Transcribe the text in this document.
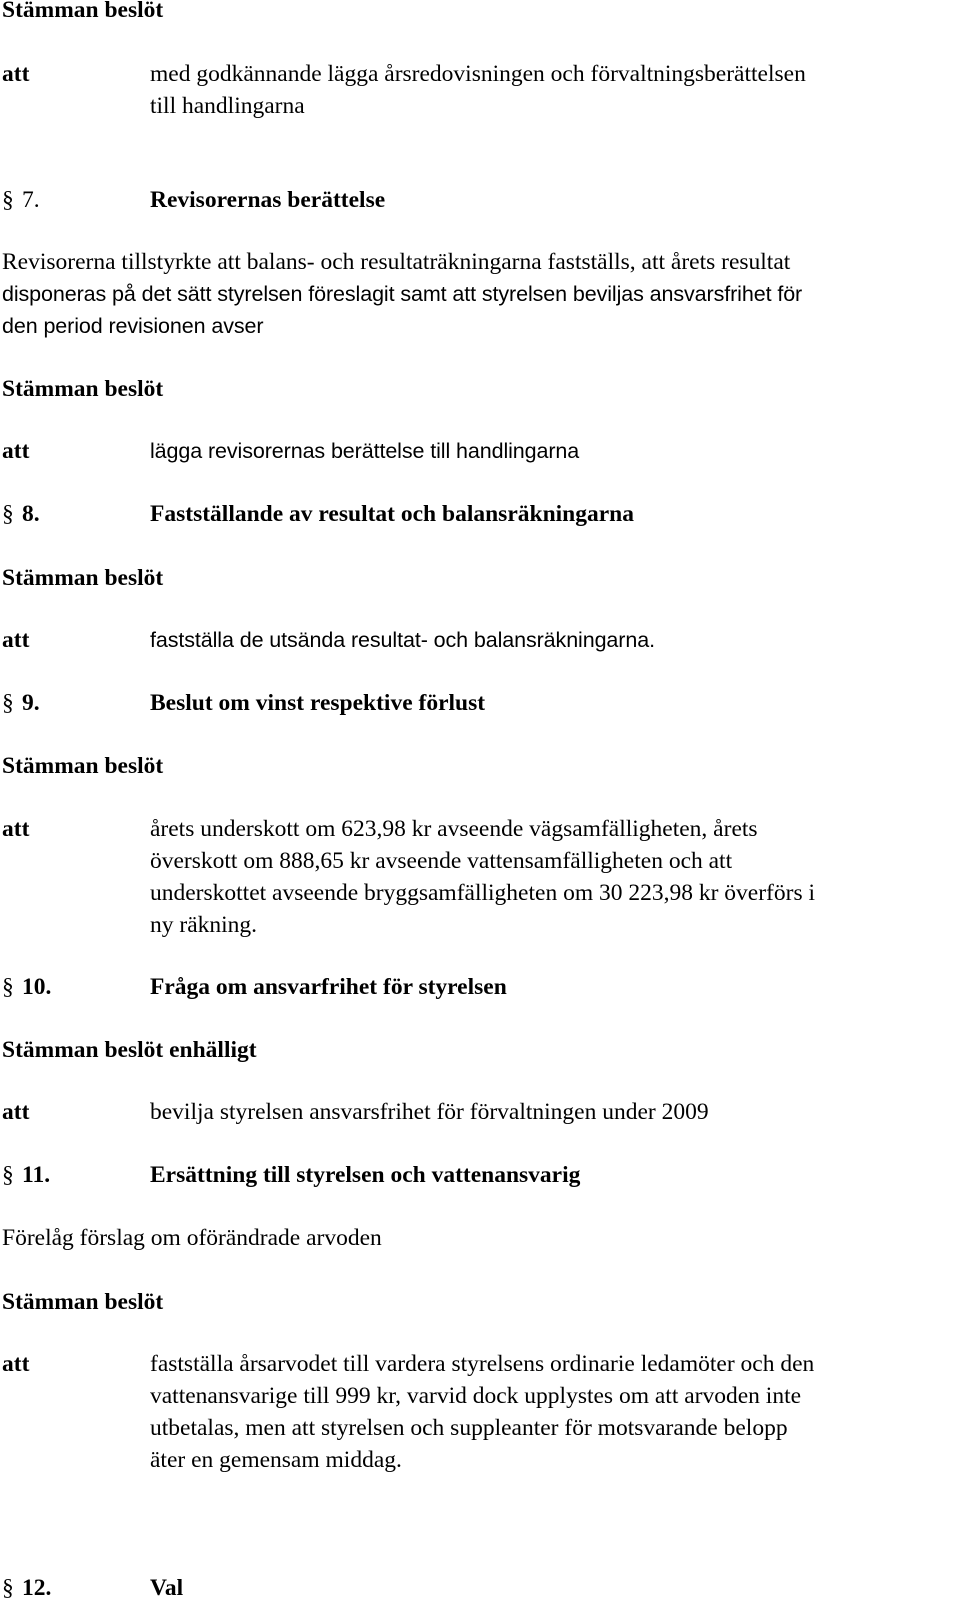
Stämman beslöt
att	med godkännande lägga årsredovisningen och förvaltningsberättelsen
till handlingarna
§ 7.	Revisorernas berättelse
Revisorerna tillstyrkte att balans- och resultaträkningarna fastställs, att årets resultat
disponeras på det sätt styrelsen föreslagit samt att styrelsen beviljas ansvarsfrihet för
den period revisionen avser
Stämman beslöt
att	lägga revisorernas berättelse till handlingarna
§ 8.	Fastställande av resultat och balansräkningarna
Stämman beslöt
att	fastställa de utsända resultat- och balansräkningarna.
§ 9.	Beslut om vinst respektive förlust
Stämman beslöt
att	årets underskott om 623,98 kr avseende vägsamfälligheten, årets
överskott om 888,65 kr avseende vattensamfälligheten och att
underskottet avseende bryggsamfälligheten om 30 223,98 kr överförs i
ny räkning.
§ 10.	Fråga om ansvarfrihet för styrelsen
Stämman beslöt enhälligt
att	bevilja styrelsen ansvarsfrihet för förvaltningen under 2009
§ 11.	Ersättning till styrelsen och vattenansvarig
Förelåg förslag om oförändrade arvoden
Stämman beslöt
att	fastställa årsarvodet till vardera styrelsens ordinarie ledamöter och den
vattenansvarige till 999 kr, varvid dock upplystes om att arvoden inte
utbetalas, men att styrelsen och suppleanter för motsvarande belopp
äter en gemensam middag.
§ 12.	Val
